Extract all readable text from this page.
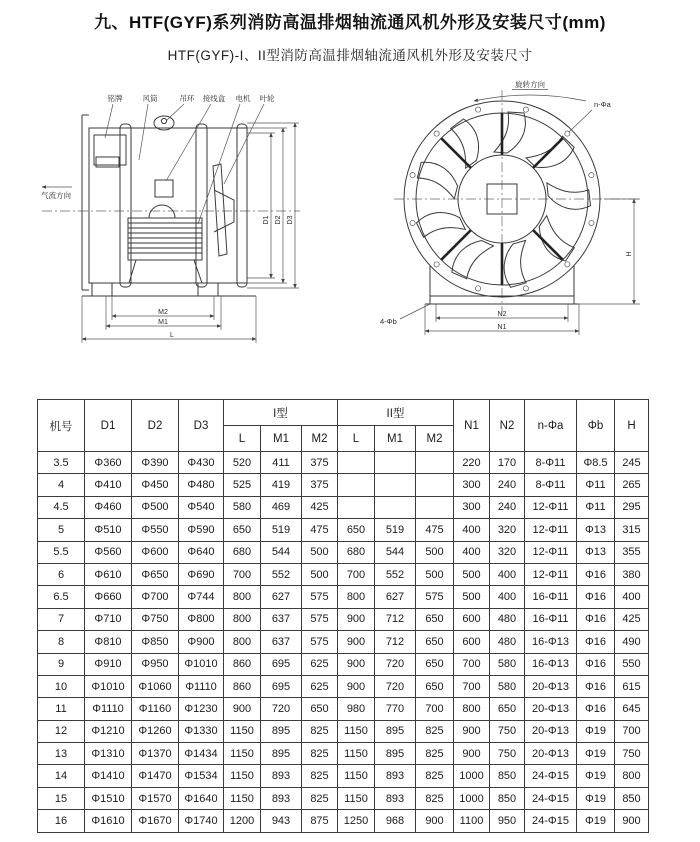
九、HTF(GYF)系列消防高温排烟轴流通风机外形及安装尺寸(mm)
HTF(GYF)-I、II型消防高温排烟轴流通风机外形及安装尺寸
气流方向
铭牌	风筒	吊环 接线盒 电机 叶轮
D1 D2 D3
M2
M1
L
旋转方向
n-Φa
4-Φb
N2
N1
H
机号	D1	D2	D3	I型			II型			N1	N2	n-Φa	Φb	H
				L	M1	M2	L	M1	M2					
3.5	Φ360	Φ390	Φ430	520	411	375				220	170	8-Φ11	Φ8.5	245
4	Φ410	Φ450	Φ480	525	419	375				300	240	8-Φ11	Φ11	265
4.5	Φ460	Φ500	Φ540	580	469	425				300	240	12-Φ11	Φ11	295
5	Φ510	Φ550	Φ590	650	519	475	650	519	475	400	320	12-Φ11	Φ13	315
5.5	Φ560	Φ600	Φ640	680	544	500	680	544	500	400	320	12-Φ11	Φ13	355
6	Φ610	Φ650	Φ690	700	552	500	700	552	500	500	400	12-Φ11	Φ16	380
6.5	Φ660	Φ700	Φ744	800	627	575	800	627	575	500	400	16-Φ11	Φ16	400
7	Φ710	Φ750	Φ800	800	637	575	900	712	650	600	480	16-Φ11	Φ16	425
8	Φ810	Φ850	Φ900	800	637	575	900	712	650	600	480	16-Φ13	Φ16	490
9	Φ910	Φ950	Φ1010	860	695	625	900	720	650	700	580	16-Φ13	Φ16	550
10	Φ1010	Φ1060	Φ1110	860	695	625	900	720	650	700	580	20-Φ13	Φ16	615
11	Φ1110	Φ1160	Φ1230	900	720	650	980	770	700	800	650	20-Φ13	Φ16	645
12	Φ1210	Φ1260	Φ1330	1150	895	825	1150	895	825	900	750	20-Φ13	Φ19	700
13	Φ1310	Φ1370	Φ1434	1150	895	825	1150	895	825	900	750	20-Φ13	Φ19	750
14	Φ1410	Φ1470	Φ1534	1150	893	825	1150	893	825	1000	850	24-Φ15	Φ19	800
15	Φ1510	Φ1570	Φ1640	1150	893	825	1150	893	825	1000	850	24-Φ15	Φ19	850
16	Φ1610	Φ1670	Φ1740	1200	943	875	1250	968	900	1100	950	24-Φ15	Φ19	900
